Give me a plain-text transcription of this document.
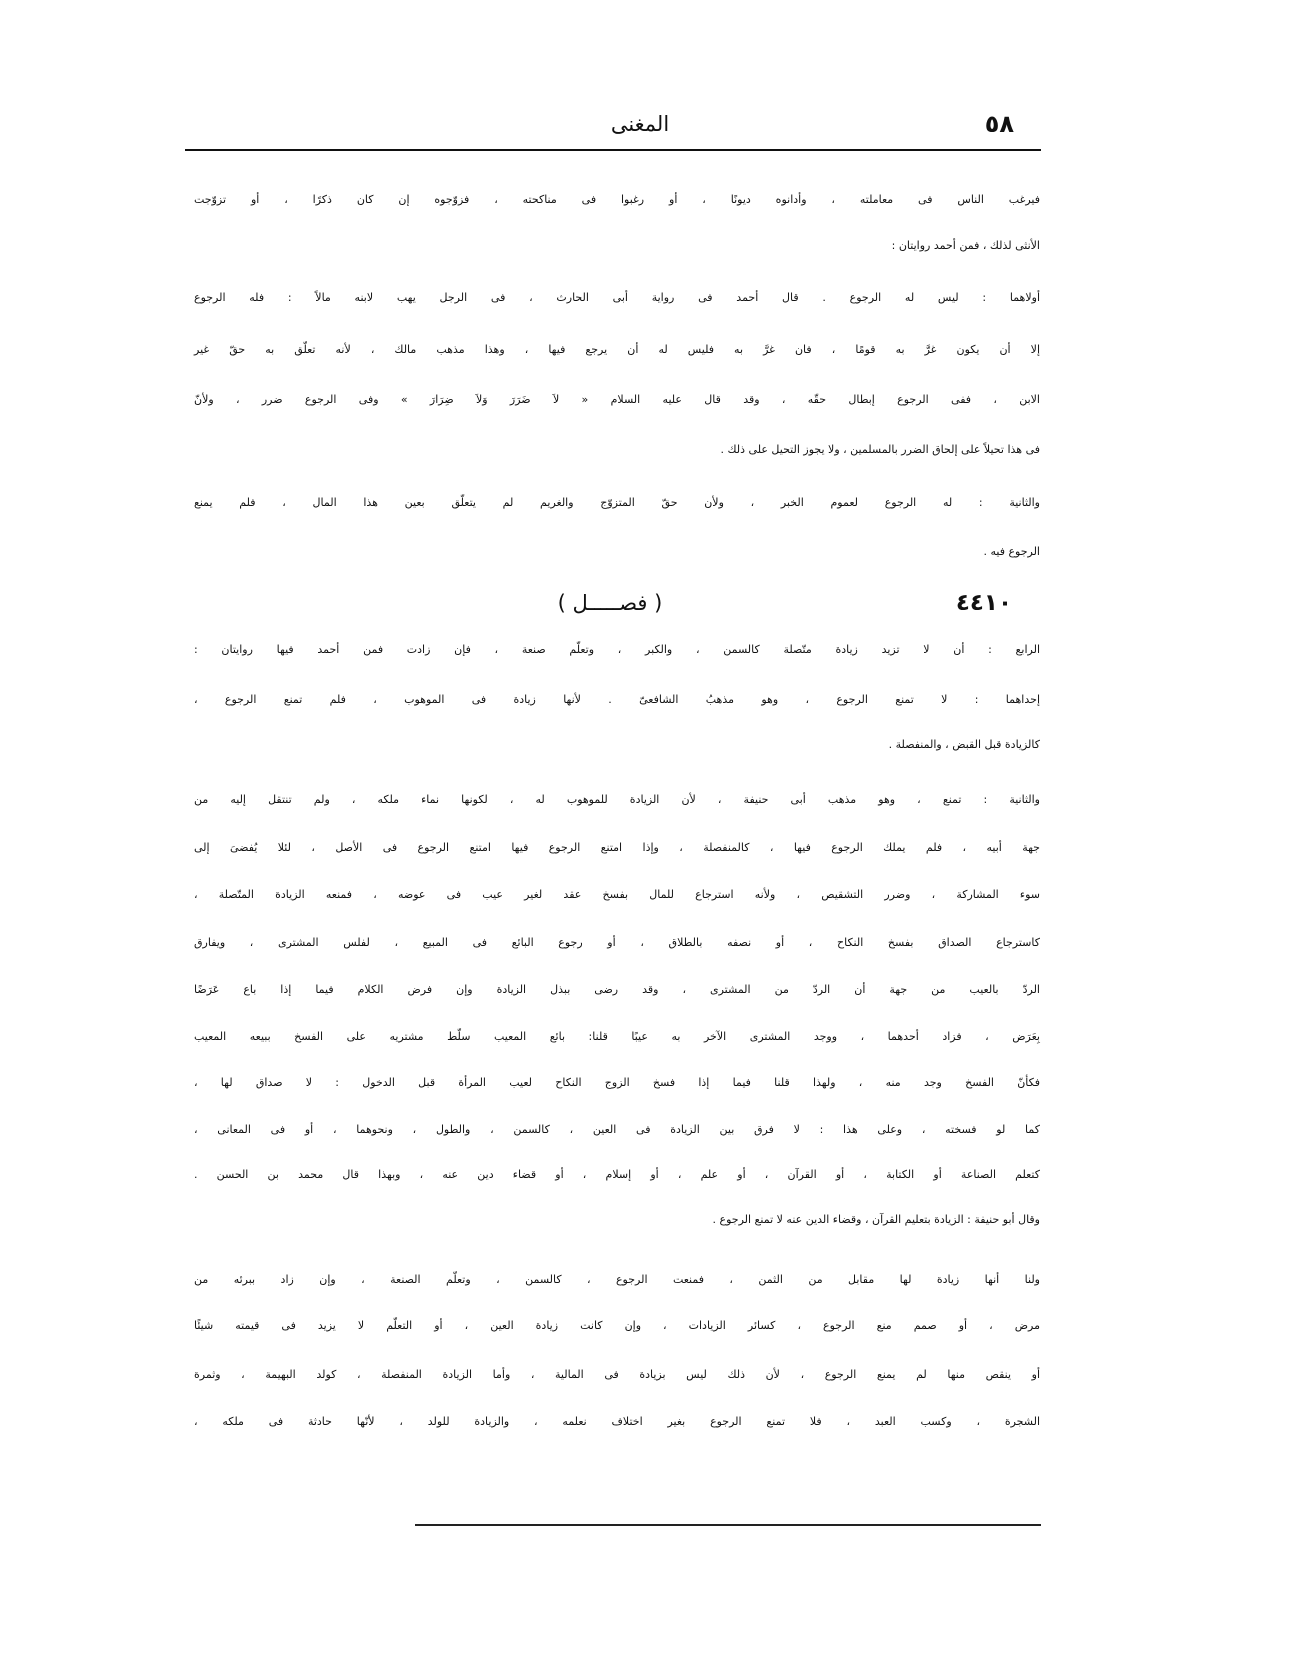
٥٨
المغنى
فيرغب الناس فى معاملته ، وأدانوه ديونًا ، أو رغبوا فى مناكحته ، فزوّجوه إن كان ذكرًا ، أو تزوّجت
الأنثى لذلك ، فمن أحمد روايتان :
أولاهما : ليس له الرجوع . قال أحمد فى رواية أبى الحارث ، فى الرجل يهب لابنه مالاً : فله الرجوع
إلا أن يكون غرَّ به قومًا ، فان غرَّ به فليس له أن يرجع فيها ، وهذا مذهب مالك ، لأنه تعلّق به حقّ غير
الابن ، ففى الرجوع إبطال حقّه ، وقد قال عليه السلام « لاَ ضَرَرَ وَلاَ ضِرَارَ » وفى الرجوع ضرر ، ولأنّ
فى هذا تحيلاً على إلحاق الضرر بالمسلمين ، ولا يجوز التحيل على ذلك .
والثانية : له الرجوع لعموم الخبر ، ولأن حقّ المتزوّج والغريم لم يتعلّق بعين هذا المال ، فلم يمنع
الرجوع فيه .
٤٤١٠
( فصـــــل )
الرابع : أن لا تزيد زيادة متّصلة كالسمن ، والكبر ، وتعلّم صنعة ، فإن زادت فمن أحمد فيها روايتان :
إحداهما : لا تمنع الرجوع ، وهو مذهبُ الشافعىّ . لأنها زيادة فى الموهوب ، فلم تمنع الرجوع ،
كالزيادة قبل القبض ، والمنفصلة .
والثانية : تمنع ، وهو مذهب أبى حنيفة ، لأن الزيادة للموهوب له ، لكونها نماء ملكه ، ولم تنتقل إليه من
جهة أبيه ، فلم يملك الرجوع فيها ، كالمنفصلة ، وإذا امتنع الرجوع فيها امتنع الرجوع فى الأصل ، لئلا يُفضىَ إلى
سوء المشاركة ، وضرر التشقيص ، ولأنه استرجاع للمال بفسخ عقد لغير عيب فى عوضه ، فمنعه الزيادة المتّصلة ،
كاسترجاع الصداق بفسخ النكاح ، أو نصفه بالطلاق ، أو رجوع البائع فى المبيع ، لفلس المشترى ، ويفارق
الردّ بالعيب من جهة أن الردّ من المشترى ، وقد رضى ببذل الزيادة وإن فرض الكلام فيما إذا باع عَرَضًا
بِعَرَض ، فزاد أحدهما ، ووجد المشترى الآخر به عيبًا قلنا: بائع المعيب سلّط مشتريه على الفسخ ببيعه المعيب
فكأنّ الفسخ وجد منه ، ولهذا قلنا فيما إذا فسخ الزوج النكاح لعيب المرأة قبل الدخول : لا صداق لها ،
كما لو فسخته ، وعلى هذا : لا فرق بين الزيادة فى العين ، كالسمن ، والطول ، ونحوهما ، أو فى المعانى ،
كتعلم الصناعة أو الكتابة ، أو القرآن ، أو علم ، أو إسلام ، أو قضاء دين عنه ، وبهذا قال محمد بن الحسن .
وقال أبو حنيفة : الزيادة بتعليم القرآن ، وقضاء الدين عنه لا تمنع الرجوع .
ولنا أنها زيادة لها مقابل من الثمن ، فمنعت الرجوع ، كالسمن ، وتعلّم الصنعة ، وإن زاد ببرئه من
مرض ، أو صمم منع الرجوع ، كسائر الزيادات ، وإن كانت زيادة العين ، أو التعلّم لا يزيد فى قيمته شيئًا
أو ينقص منها لم يمنع الرجوع ، لأن ذلك ليس بزيادة فى المالية ، وأما الزيادة المنفصلة ، كولد البهيمة ، وثمرة
الشجرة ، وكسب العبد ، فلا تمنع الرجوع بغير اختلاف نعلمه ، والزيادة للولد ، لأنّها حادثة فى ملكه ،
